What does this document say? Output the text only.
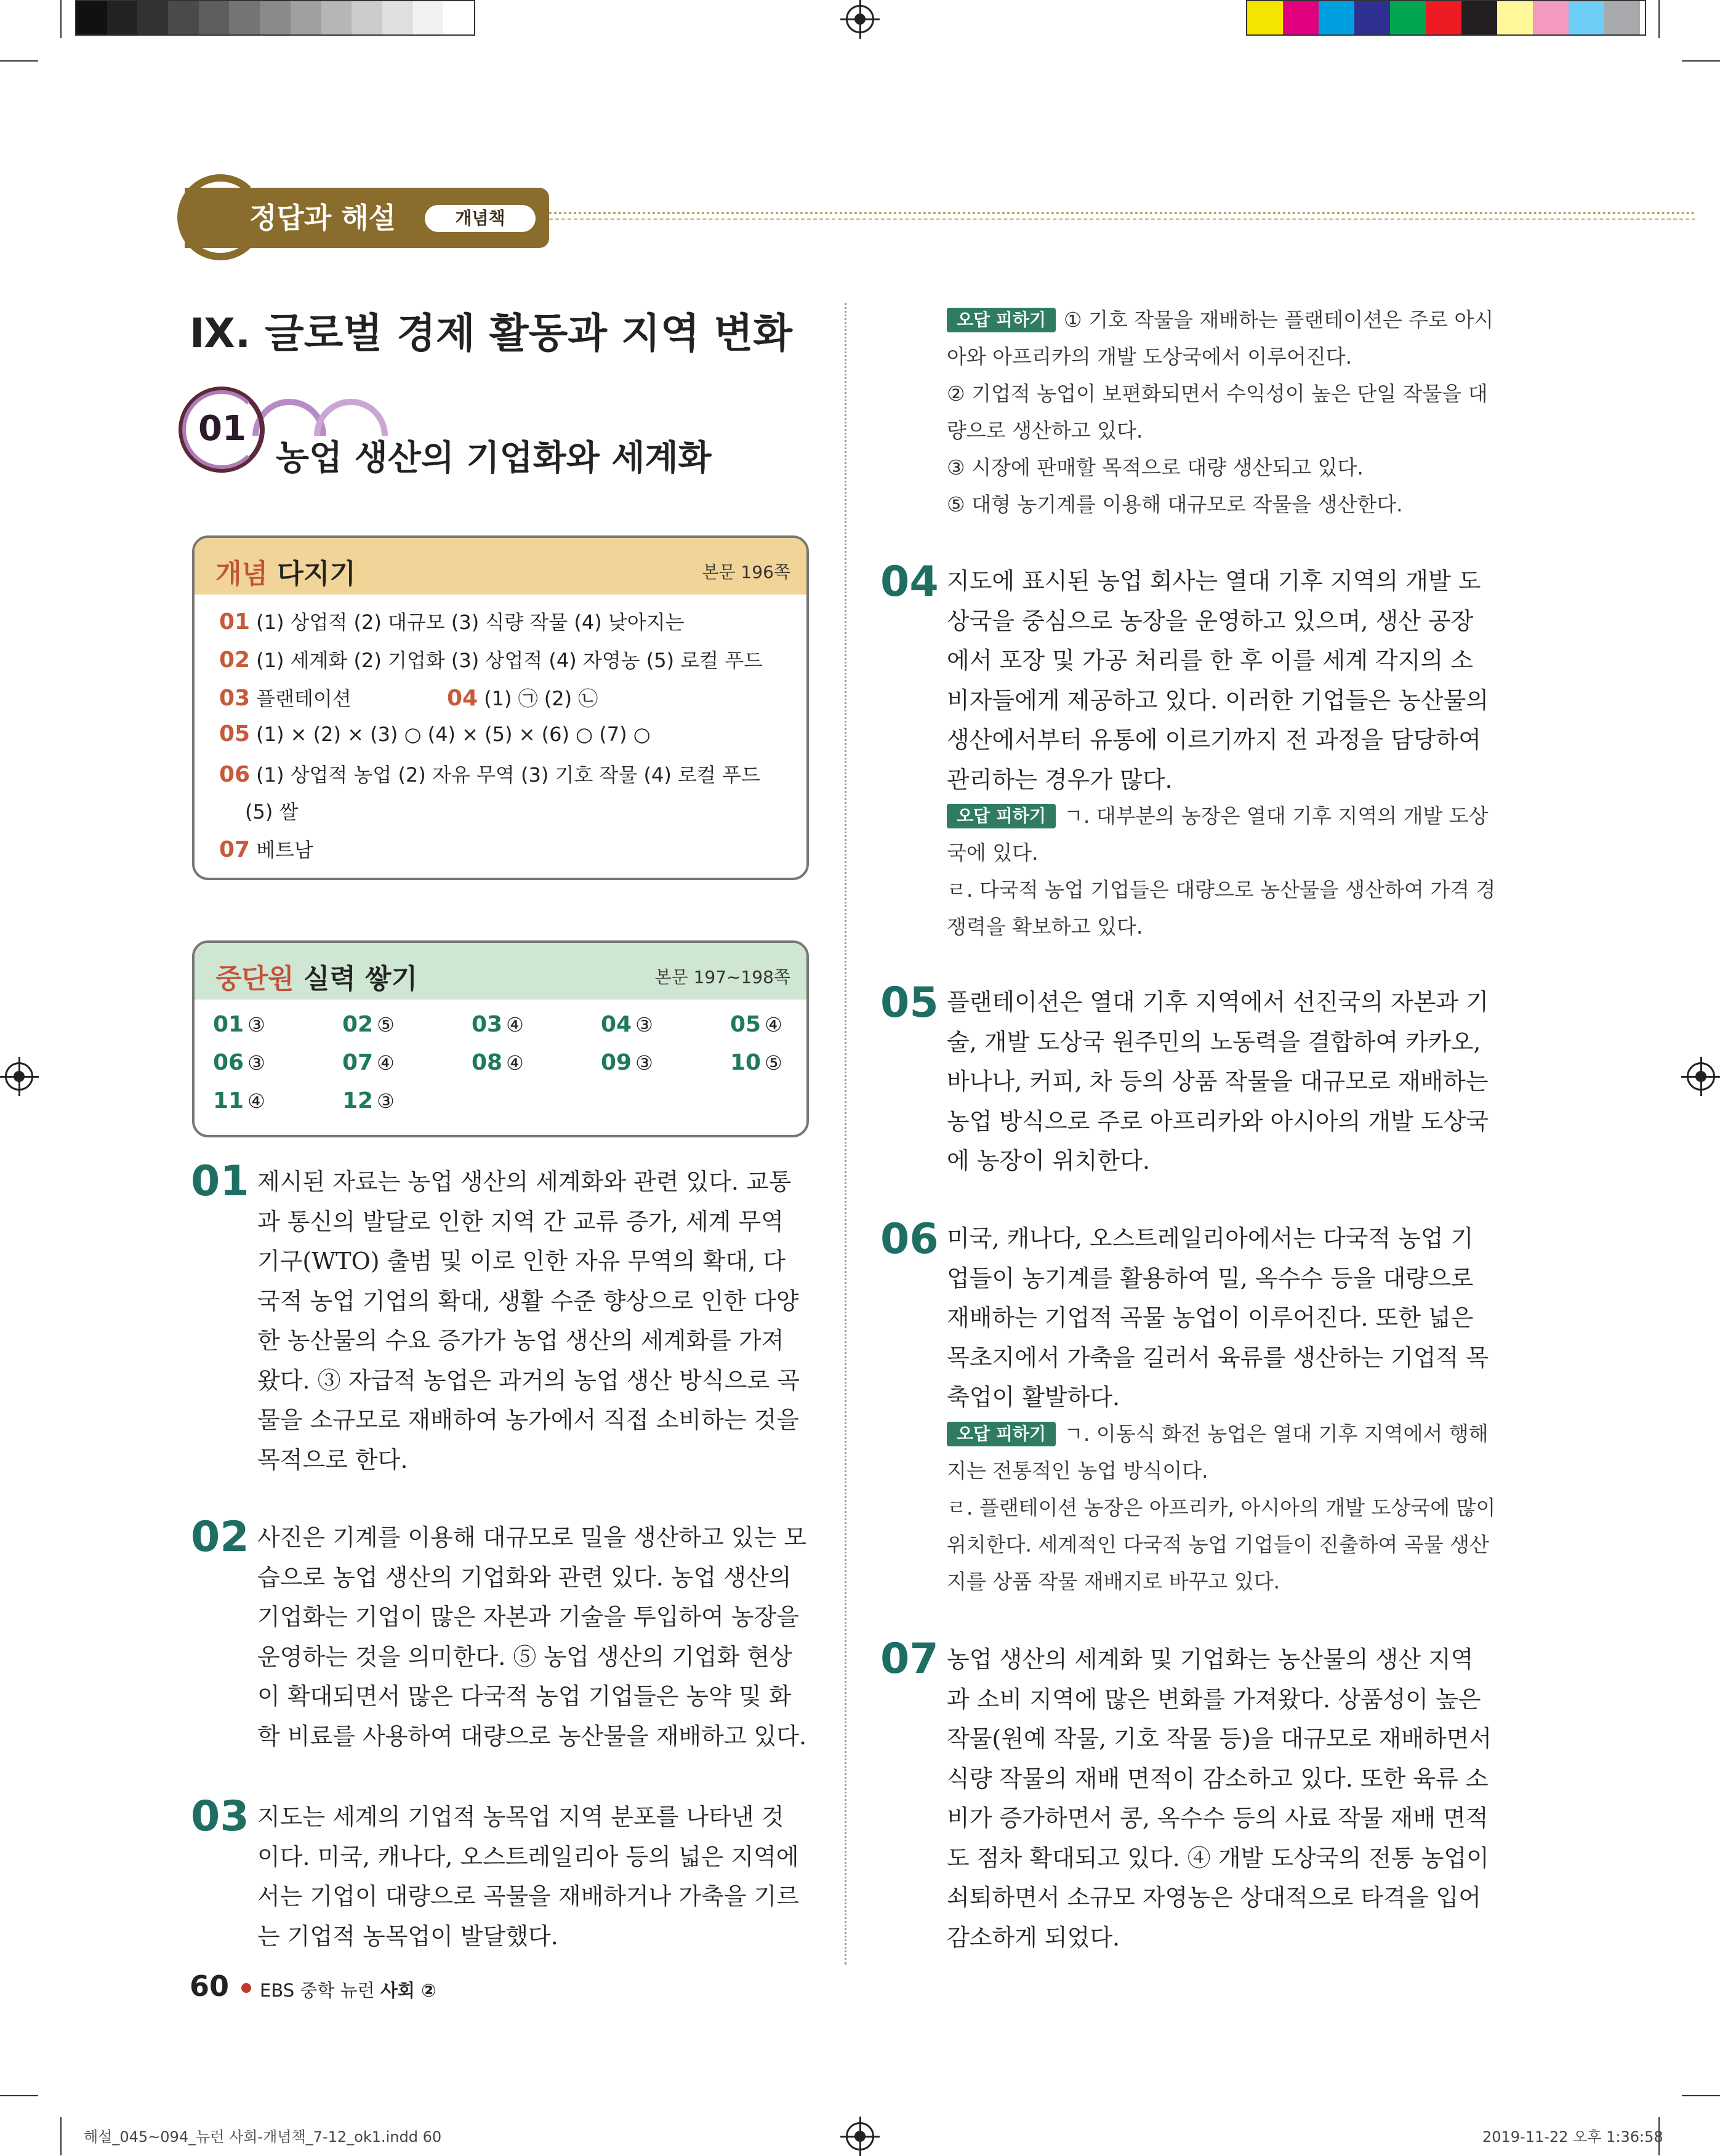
정답과 해설	개념책
Ⅸ. 글로벌 경제 활동과 지역 변화
01
농업 생산의 기업화와 세계화
개념 다지기	본문 196쪽
01 (1) 상업적 (2) 대규모 (3) 식량 작물 (4) 낮아지는
02 (1) 세계화 (2) 기업화 (3) 상업적 (4) 자영농 (5) 로컬 푸드
03 플랜테이션	04 (1) ㉠ (2) ㉡
05 (1) × (2) × (3) ○ (4) × (5) × (6) ○ (7) ○
06 (1) 상업적 농업 (2) 자유 무역 (3) 기호 작물 (4) 로컬 푸드
(5) 쌀
07 베트남
중단원 실력 쌓기	본문 197~198쪽
01 ③	02 ⑤	03 ④	04 ③	05 ④
06 ③	07 ④	08 ④	09 ③	10 ⑤
11 ④	12 ③
01 제시된 자료는 농업 생산의 세계화와 관련 있다. 교통
과 통신의 발달로 인한 지역 간 교류 증가, 세계 무역
기구(WTO) 출범 및 이로 인한 자유 무역의 확대, 다
국적 농업 기업의 확대, 생활 수준 향상으로 인한 다양
한 농산물의 수요 증가가 농업 생산의 세계화를 가져
왔다. ③ 자급적 농업은 과거의 농업 생산 방식으로 곡
물을 소규모로 재배하여 농가에서 직접 소비하는 것을
목적으로 한다.
02 사진은 기계를 이용해 대규모로 밀을 생산하고 있는 모
습으로 농업 생산의 기업화와 관련 있다. 농업 생산의
기업화는 기업이 많은 자본과 기술을 투입하여 농장을
운영하는 것을 의미한다. ⑤ 농업 생산의 기업화 현상
이 확대되면서 많은 다국적 농업 기업들은 농약 및 화
학 비료를 사용하여 대량으로 농산물을 재배하고 있다.
03 지도는 세계의 기업적 농목업 지역 분포를 나타낸 것
이다. 미국, 캐나다, 오스트레일리아 등의 넓은 지역에
서는 기업이 대량으로 곡물을 재배하거나 가축을 기르
는 기업적 농목업이 발달했다.
오답 피하기 ① 기호 작물을 재배하는 플랜테이션은 주로 아시
아와 아프리카의 개발 도상국에서 이루어진다.
② 기업적 농업이 보편화되면서 수익성이 높은 단일 작물을 대
량으로 생산하고 있다.
③ 시장에 판매할 목적으로 대량 생산되고 있다.
⑤ 대형 농기계를 이용해 대규모로 작물을 생산한다.
04 지도에 표시된 농업 회사는 열대 기후 지역의 개발 도
상국을 중심으로 농장을 운영하고 있으며, 생산 공장
에서 포장 및 가공 처리를 한 후 이를 세계 각지의 소
비자들에게 제공하고 있다. 이러한 기업들은 농산물의
생산에서부터 유통에 이르기까지 전 과정을 담당하여
관리하는 경우가 많다.
오답 피하기 ㄱ. 대부분의 농장은 열대 기후 지역의 개발 도상
국에 있다.
ㄹ. 다국적 농업 기업들은 대량으로 농산물을 생산하여 가격 경
쟁력을 확보하고 있다.
05 플랜테이션은 열대 기후 지역에서 선진국의 자본과 기
술, 개발 도상국 원주민의 노동력을 결합하여 카카오,
바나나, 커피, 차 등의 상품 작물을 대규모로 재배하는
농업 방식으로 주로 아프리카와 아시아의 개발 도상국
에 농장이 위치한다.
06 미국, 캐나다, 오스트레일리아에서는 다국적 농업 기
업들이 농기계를 활용하여 밀, 옥수수 등을 대량으로
재배하는 기업적 곡물 농업이 이루어진다. 또한 넓은
목초지에서 가축을 길러서 육류를 생산하는 기업적 목
축업이 활발하다.
오답 피하기 ㄱ. 이동식 화전 농업은 열대 기후 지역에서 행해
지는 전통적인 농업 방식이다.
ㄹ. 플랜테이션 농장은 아프리카, 아시아의 개발 도상국에 많이
위치한다. 세계적인 다국적 농업 기업들이 진출하여 곡물 생산
지를 상품 작물 재배지로 바꾸고 있다.
07 농업 생산의 세계화 및 기업화는 농산물의 생산 지역
과 소비 지역에 많은 변화를 가져왔다. 상품성이 높은
작물(원예 작물, 기호 작물 등)을 대규모로 재배하면서
식량 작물의 재배 면적이 감소하고 있다. 또한 육류 소
비가 증가하면서 콩, 옥수수 등의 사료 작물 재배 면적
도 점차 확대되고 있다. ④ 개발 도상국의 전통 농업이
쇠퇴하면서 소규모 자영농은 상대적으로 타격을 입어
감소하게 되었다.
60 EBS 중학 뉴런 사회 ②
해설_045~094_뉴런 사회-개념책_7-12_ok1.indd 60	2019-11-22 오후 1:36:58
